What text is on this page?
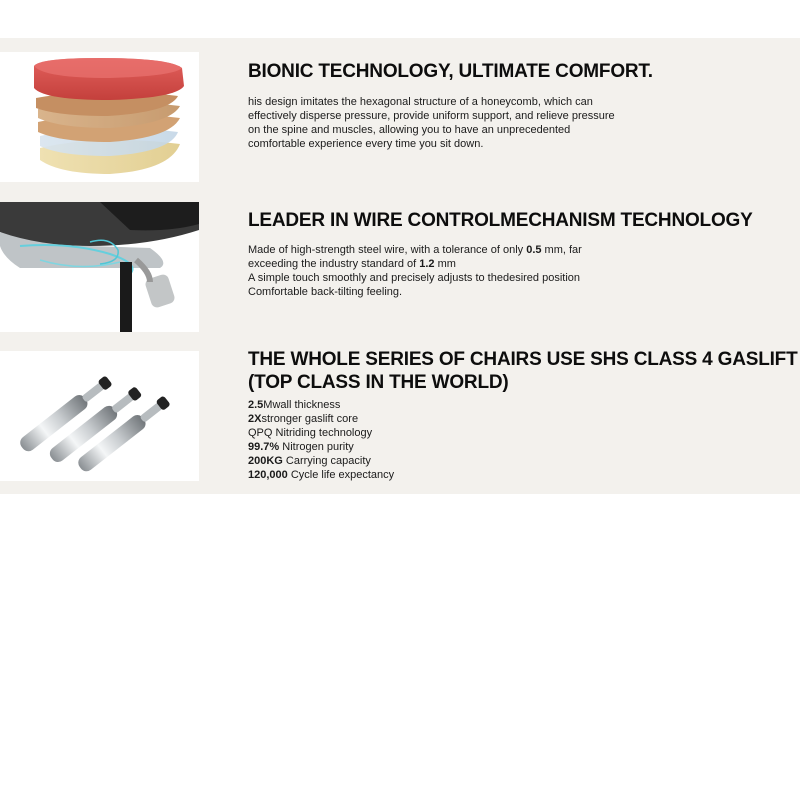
BIONIC TECHNOLOGY, ULTIMATE COMFORT.

his design imitates the hexagonal structure of a honeycomb, which can
effectively disperse pressure, provide uniform support, and relieve pressure
on the spine and muscles, allowing you to have an unprecedented
comfortable experience every time you sit down.

LEADER IN WIRE CONTROLMECHANISM TECHNOLOGY

Made of high-strength steel wire, with a tolerance of only 0.5 mm, far
exceeding the industry standard of 1.2 mm
A simple touch smoothly and precisely adjusts to thedesired position
Comfortable back-tilting feeling.

THE WHOLE SERIES OF CHAIRS USE SHS CLASS 4 GASLIFT
(TOP CLASS IN THE WORLD)

2.5Mwall thickness
2Xstronger gaslift core
QPQ Nitriding technology
99.7% Nitrogen purity
200KG Carrying capacity
120,000 Cycle life expectancy
